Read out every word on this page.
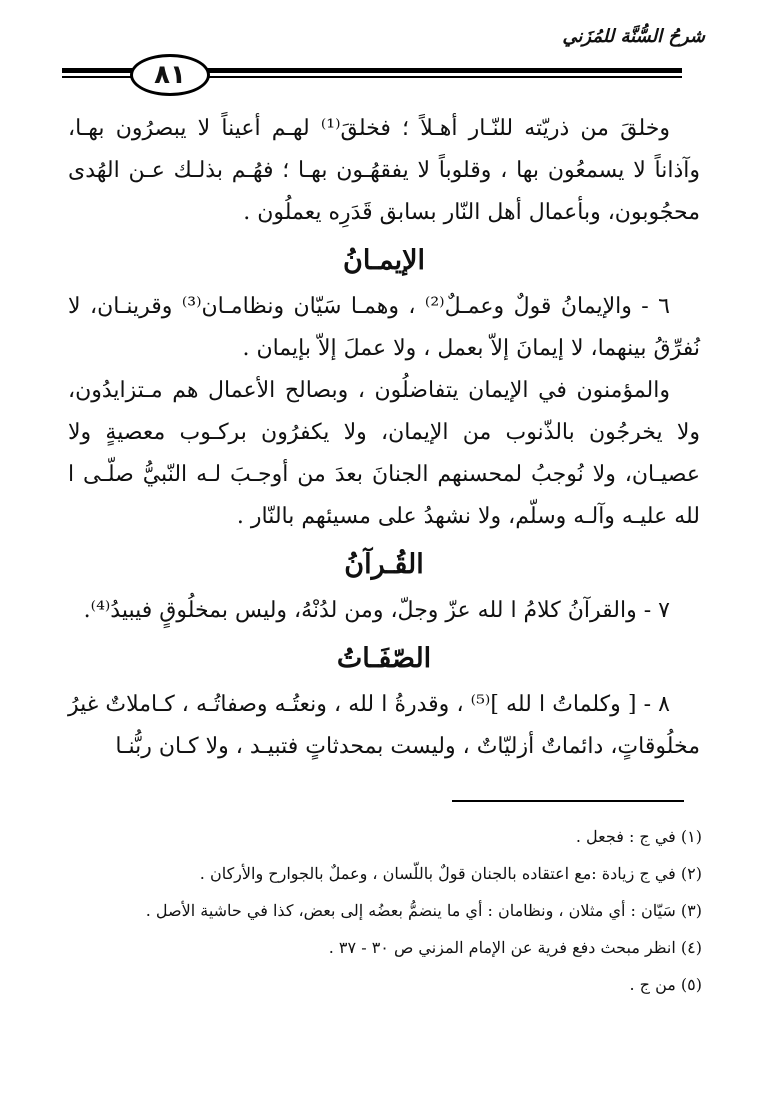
شرحُ السُّنَّة للمُزَني
٨١

وخلقَ من ذريّته للنّـار أهـلاً ؛ فخلقَ⁽¹⁾ لهـم أعيناً لا يبصرُون بهـا، وآذاناً لا يسمعُون بها ، وقلوباً لا يفقهُـون بهـا ؛ فهُـم بذلـك عـن الهُدى محجُوبون، وبأعمال أهل النّار بسابق قَدَرِه يعملُون .

الإيمـانُ

٦ - والإيمانُ قولٌ وعمـلٌ⁽²⁾ ، وهمـا سَيّان ونظامـان⁽³⁾ وقرينـان، لا نُفرِّقُ بينهما، لا إيمانَ إلاّ بعمل ، ولا عملَ إلاّ بإيمان .

والمؤمنون في الإيمان يتفاضلُون ، وبصالح الأعمال هم مـتزايدُون، ولا يخرجُون بالذّنوب من الإيمان، ولا يكفرُون بركـوب معصيةٍ ولا عصيـان، ولا نُوجبُ لمحسنهم الجنانَ بعدَ من أوجـبَ لـه النّبيُّ صلّـى ا لله عليـه وآلـه وسلّم، ولا نشهدُ على مسيئهم بالنّار .

القُـرآنُ

٧ - والقرآنُ كلامُ ا لله عزّ وجلّ، ومن لدُنْهُ، وليس بمخلُوقٍ فيبيدُ⁽⁴⁾.

الصّفَـاتُ

٨ - [ وكلماتُ ا لله ]⁽⁵⁾ ، وقدرةُ ا لله ، ونعتُـه وصفاتُـه ، كـاملاتٌ غيرُ مخلُوقاتٍ، دائماتٌ أزليّاتٌ ، وليست بمحدثاتٍ فتبيـد ، ولا كـان ربُّنـا

(١) في ج : فجعل .
(٢) في ج زيادة :مع اعتقاده بالجنان قولٌ باللّسان ، وعملٌ بالجوارح والأركان .
(٣) سَيّان : أي مثلان ، ونظامان : أي ما ينضمُّ بعضُه إلى بعض، كذا في حاشية الأصل .
(٤) انظر مبحث دفع فرية عن الإمام المزني ص ٣٠ - ٣٧ .
(٥) من ج .
